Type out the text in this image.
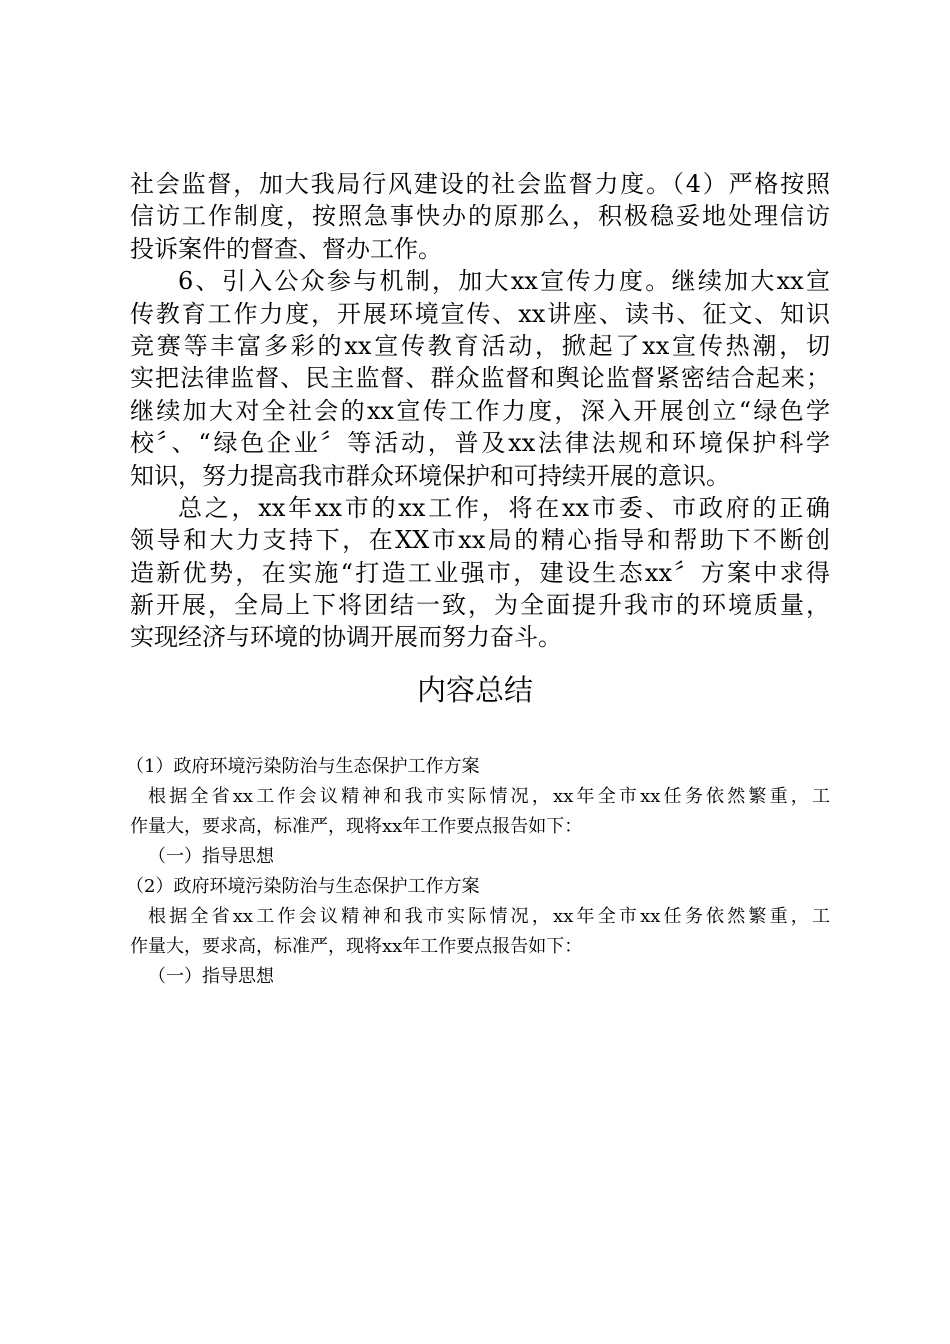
社会监督，加大我局行风建设的社会监督力度。（4）严格按照
信访工作制度，按照急事快办的原那么，积极稳妥地处理信访
投诉案件的督查、督办工作。
6、引入公众参与机制，加大xx宣传力度。继续加大xx宣
传教育工作力度，开展环境宣传、xx讲座、读书、征文、知识
竞赛等丰富多彩的xx宣传教育活动，掀起了xx宣传热潮，切
实把法律监督、民主监督、群众监督和舆论监督紧密结合起来；
继续加大对全社会的xx宣传工作力度，深入开展创立“绿色学
校〞、“绿色企业〞等活动，普及xx法律法规和环境保护科学
知识，努力提高我市群众环境保护和可持续开展的意识。
总之，xx年xx市的xx工作，将在xx市委、市政府的正确
领导和大力支持下，在XX市xx局的精心指导和帮助下不断创
造新优势，在实施“打造工业强市，建设生态xx〞方案中求得
新开展，全局上下将团结一致，为全面提升我市的环境质量，
实现经济与环境的协调开展而努力奋斗。
内容总结
（1）政府环境污染防治与生态保护工作方案
根据全省xx工作会议精神和我市实际情况，xx年全市xx任务依然繁重，工
作量大，要求高，标准严，现将xx年工作要点报告如下：
（一）指导思想
（2）政府环境污染防治与生态保护工作方案
根据全省xx工作会议精神和我市实际情况，xx年全市xx任务依然繁重，工
作量大，要求高，标准严，现将xx年工作要点报告如下：
（一）指导思想
